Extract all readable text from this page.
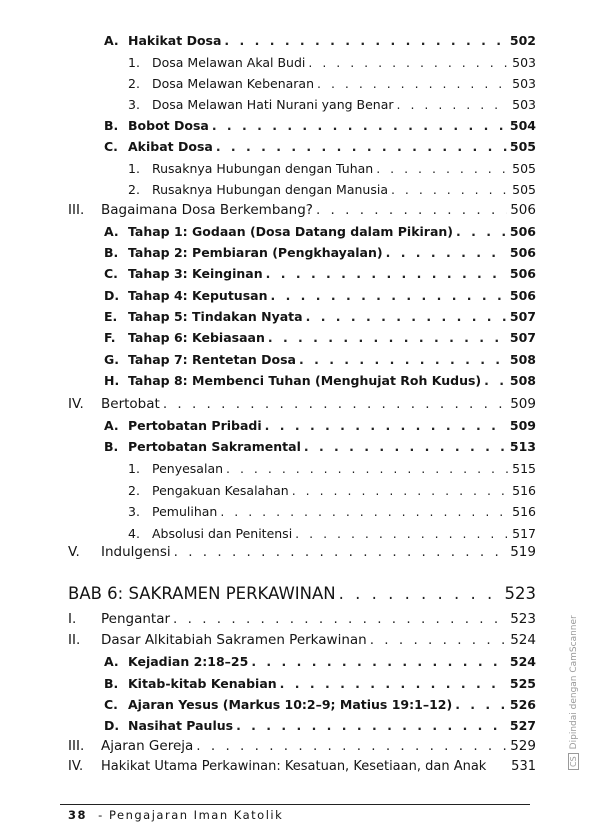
A. Hakikat Dosa . . .	502
1. Dosa Melawan Akal Budi . . .	503
2. Dosa Melawan Kebenaran . . .	503
3. Dosa Melawan Hati Nurani yang Benar . . .	503
B. Bobot Dosa . . .	504
C. Akibat Dosa . . .	505
1. Rusaknya Hubungan dengan Tuhan . . .	505
2. Rusaknya Hubungan dengan Manusia . . .	505
III.	Bagaimana Dosa Berkembang? . . .	506
A. Tahap 1: Godaan (Dosa Datang dalam Pikiran) . . .	506
B. Tahap 2: Pembiaran (Pengkhayalan) . . .	506
C. Tahap 3: Keinginan . . .	506
D. Tahap 4: Keputusan . . .	506
E. Tahap 5: Tindakan Nyata . . .	507
F.	Tahap 6: Kebiasaan . . .	507
G. Tahap 7: Rentetan Dosa . . .	508
H. Tahap 8: Membenci Tuhan (Menghujat Roh Kudus) . . . 508
IV.	Bertobat . . .	509
A. Pertobatan Pribadi . . .	509
B. Pertobatan Sakramental . . .	513
1. Penyesalan . . .	515
2. Pengakuan Kesalahan . . .	516
3. Pemulihan . . .	516
4. Absolusi dan Penitensi . . .	517
V.	Indulgensi . . .	519
BAB 6: SAKRAMEN PERKAWINAN . . .	523
I.	Pengantar . . .	523
II.	Dasar Alkitabiah Sakramen Perkawinan . . .	524
A. Kejadian 2:18–25 . . .	524
B. Kitab-kitab Kenabian . . .	525
C. Ajaran Yesus (Markus 10:2–9; Matius 19:1–12) . . .	526
D. Nasihat Paulus . . .	527
III.	Ajaran Gereja . . .	529
IV.	Hakikat Utama Perkawinan: Kesatuan, Kesetiaan, dan Anak 531
38 - Pengajaran Iman Katolik
CSDipindai dengan CamScanner
